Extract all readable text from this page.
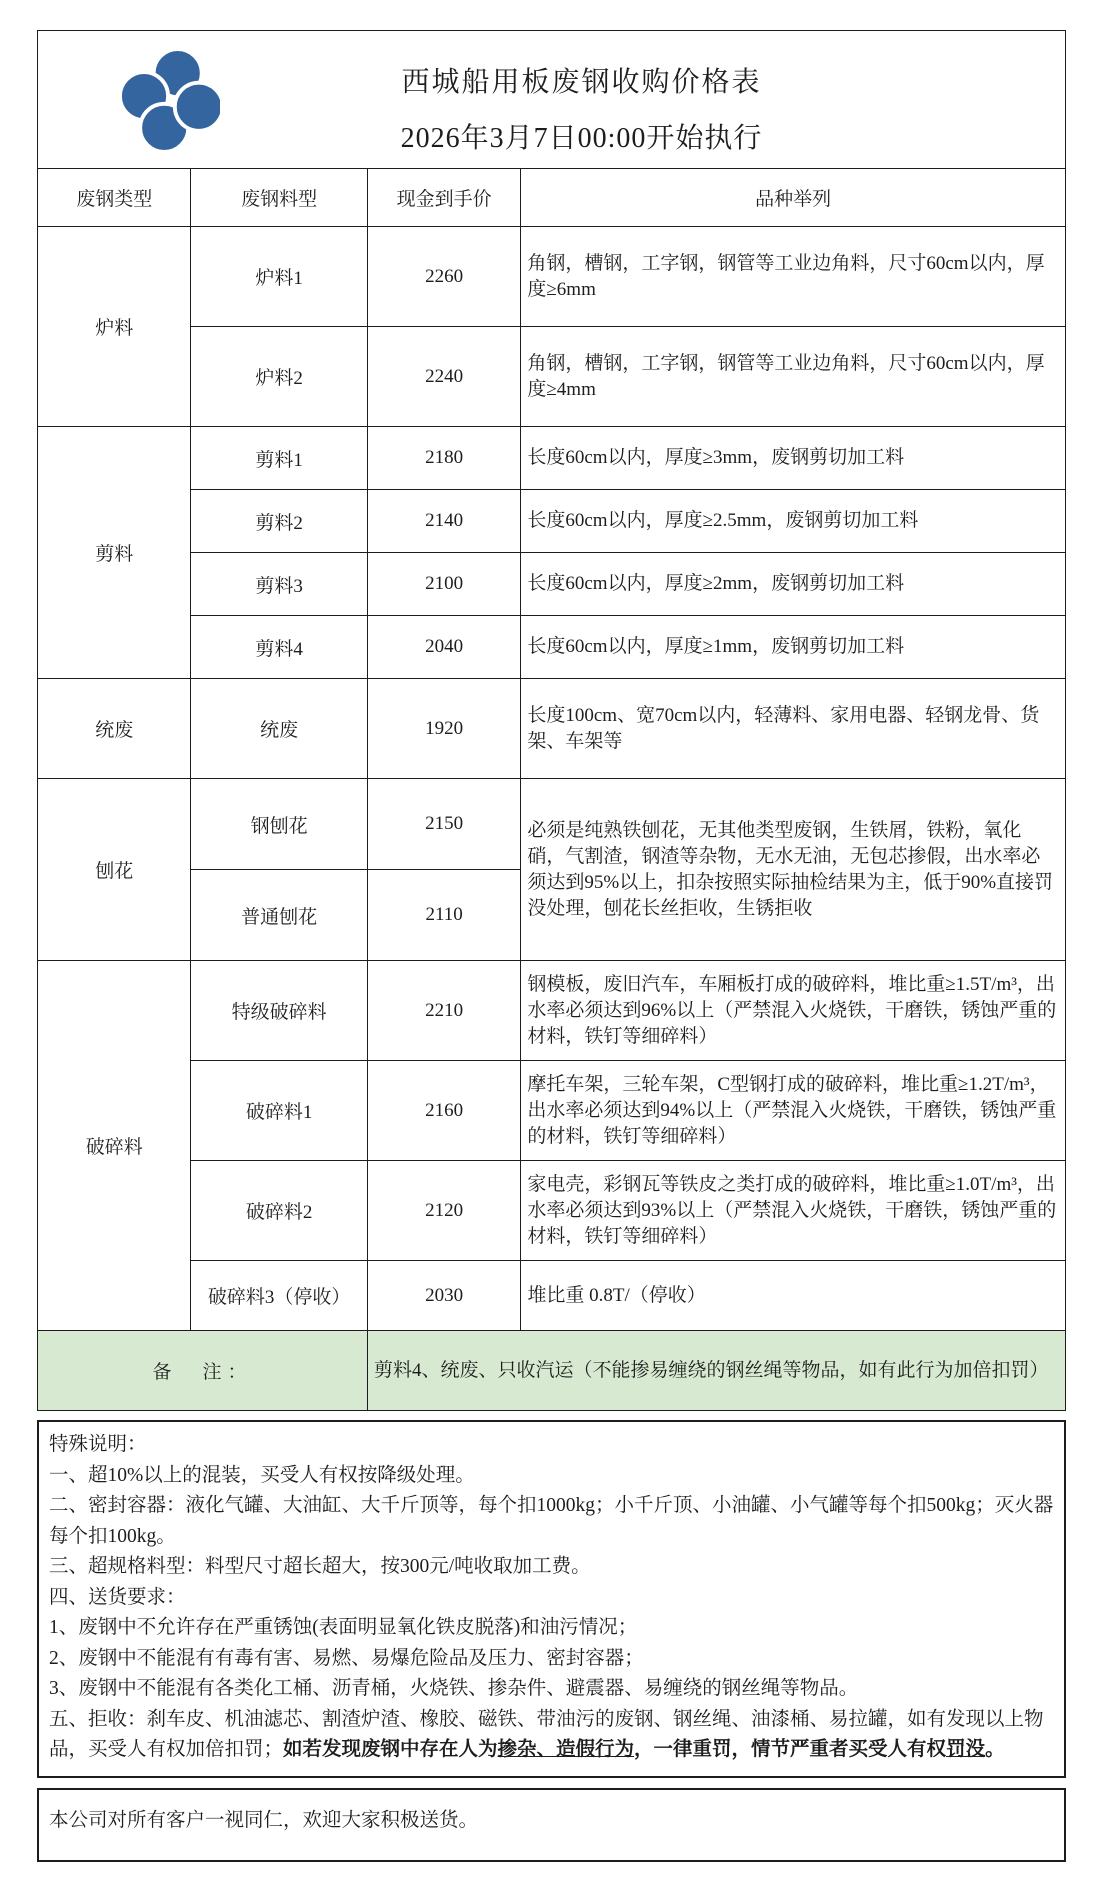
西城船用板废钢收购价格表
2026年3月7日00:00开始执行			

废钢类型	废钢料型	现金到手价	品种举列
炉料	炉料1	2260	角钢，槽钢，工字钢，钢管等工业边角料，尺寸60cm以内，厚度≥6mm
	炉料2	2240	角钢，槽钢，工字钢，钢管等工业边角料，尺寸60cm以内，厚度≥4mm
剪料	剪料1	2180	长度60cm以内，厚度≥3mm，废钢剪切加工料
	剪料2	2140	长度60cm以内，厚度≥2.5mm，废钢剪切加工料
	剪料3	2100	长度60cm以内，厚度≥2mm，废钢剪切加工料
	剪料4	2040	长度60cm以内，厚度≥1mm，废钢剪切加工料
统废	统废	1920	长度100cm、宽70cm以内，轻薄料、家用电器、轻钢龙骨、货架、车架等
刨花	钢刨花	2150	必须是纯熟铁刨花，无其他类型废钢，生铁屑，铁粉，氧化硝，气割渣，钢渣等杂物，无水无油，无包芯掺假，出水率必须达到95%以上，扣杂按照实际抽检结果为主，低于90%直接罚没处理，刨花长丝拒收，生锈拒收
	普通刨花	2110	
破碎料	特级破碎料	2210	钢模板，废旧汽车，车厢板打成的破碎料，堆比重≥1.5T/m³，出水率必须达到96%以上（严禁混入火烧铁，干磨铁，锈蚀严重的材料，铁钉等细碎料）
	破碎料1	2160	摩托车架，三轮车架，C型钢打成的破碎料，堆比重≥1.2T/m³，出水率必须达到94%以上（严禁混入火烧铁，干磨铁，锈蚀严重的材料，铁钉等细碎料）
	破碎料2	2120	家电壳，彩钢瓦等铁皮之类打成的破碎料，堆比重≥1.0T/m³，出水率必须达到93%以上（严禁混入火烧铁，干磨铁，锈蚀严重的材料，铁钉等细碎料）
	破碎料3（停收）	2030	堆比重 0.8T/（停收）
备　注：		剪料4、统废、只收汽运（不能掺易缠绕的钢丝绳等物品，如有此行为加倍扣罚）	
特殊说明：
一、超10%以上的混装，买受人有权按降级处理。
二、密封容器：液化气罐、大油缸、大千斤顶等，每个扣1000kg；小千斤顶、小油罐、小气罐等每个扣500kg；灭火器每个扣100kg。
三、超规格料型：料型尺寸超长超大，按300元/吨收取加工费。
四、送货要求：
1、废钢中不允许存在严重锈蚀(表面明显氧化铁皮脱落)和油污情况；
2、废钢中不能混有有毒有害、易燃、易爆危险品及压力、密封容器；
3、废钢中不能混有各类化工桶、沥青桶，火烧铁、掺杂件、避震器、易缠绕的钢丝绳等物品。
五、拒收：刹车皮、机油滤芯、割渣炉渣、橡胶、磁铁、带油污的废钢、钢丝绳、油漆桶、易拉罐，如有发现以上物品，买受人有权加倍扣罚；如若发现废钢中存在人为掺杂、造假行为，一律重罚，情节严重者买受人有权罚没。
本公司对所有客户一视同仁，欢迎大家积极送货。
